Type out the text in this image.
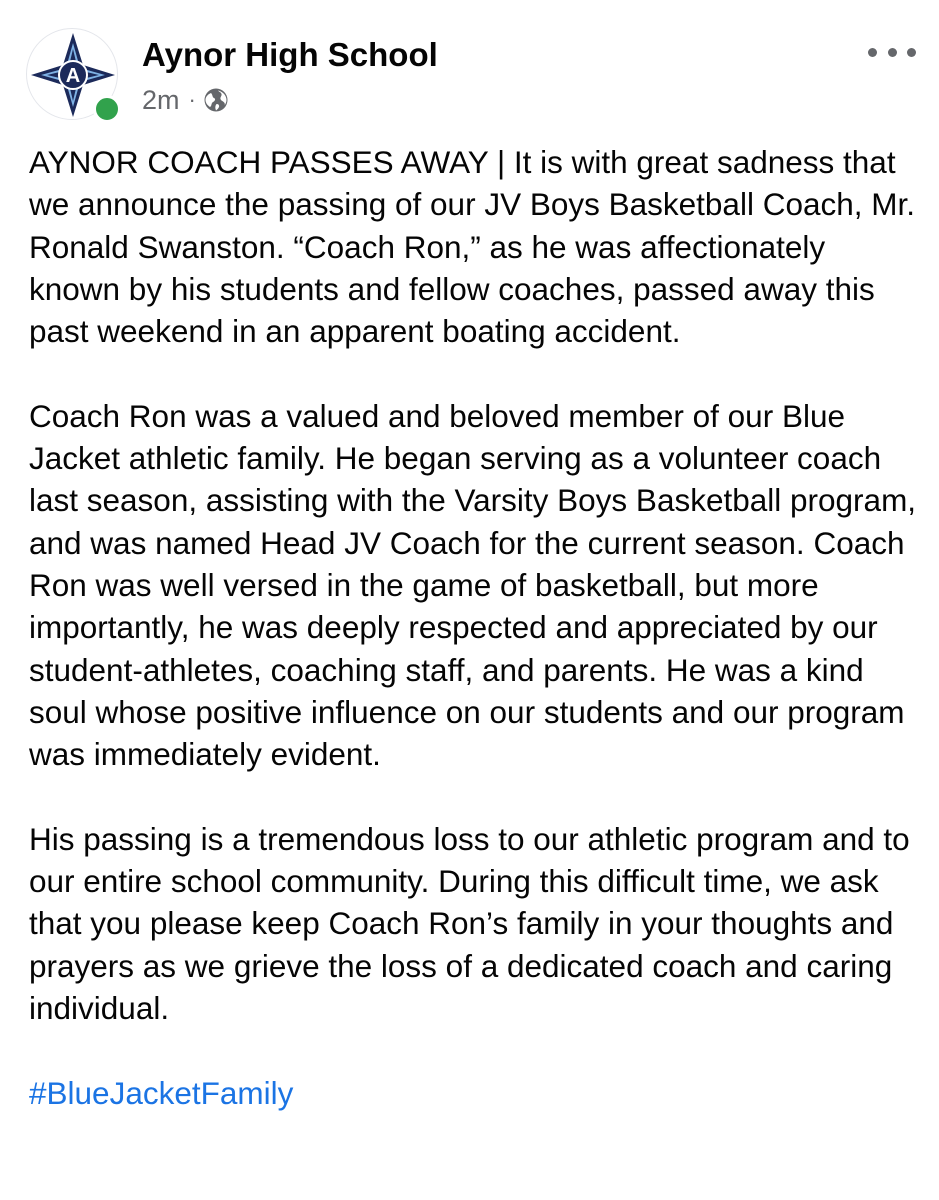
A
Aynor High School
2m ·

AYNOR COACH PASSES AWAY | It is with great sadness that we announce the passing of our JV Boys Basketball Coach, Mr. Ronald Swanston. “Coach Ron,” as he was affectionately known by his students and fellow coaches, passed away this past weekend in an apparent boating accident.

Coach Ron was a valued and beloved member of our Blue Jacket athletic family. He began serving as a volunteer coach last season, assisting with the Varsity Boys Basketball program, and was named Head JV Coach for the current season. Coach Ron was well versed in the game of basketball, but more importantly, he was deeply respected and appreciated by our student-athletes, coaching staff, and parents. He was a kind soul whose positive influence on our students and our program was immediately evident.

His passing is a tremendous loss to our athletic program and to our entire school community. During this difficult time, we ask that you please keep Coach Ron’s family in your thoughts and prayers as we grieve the loss of a dedicated coach and caring individual.

#BlueJacketFamily
